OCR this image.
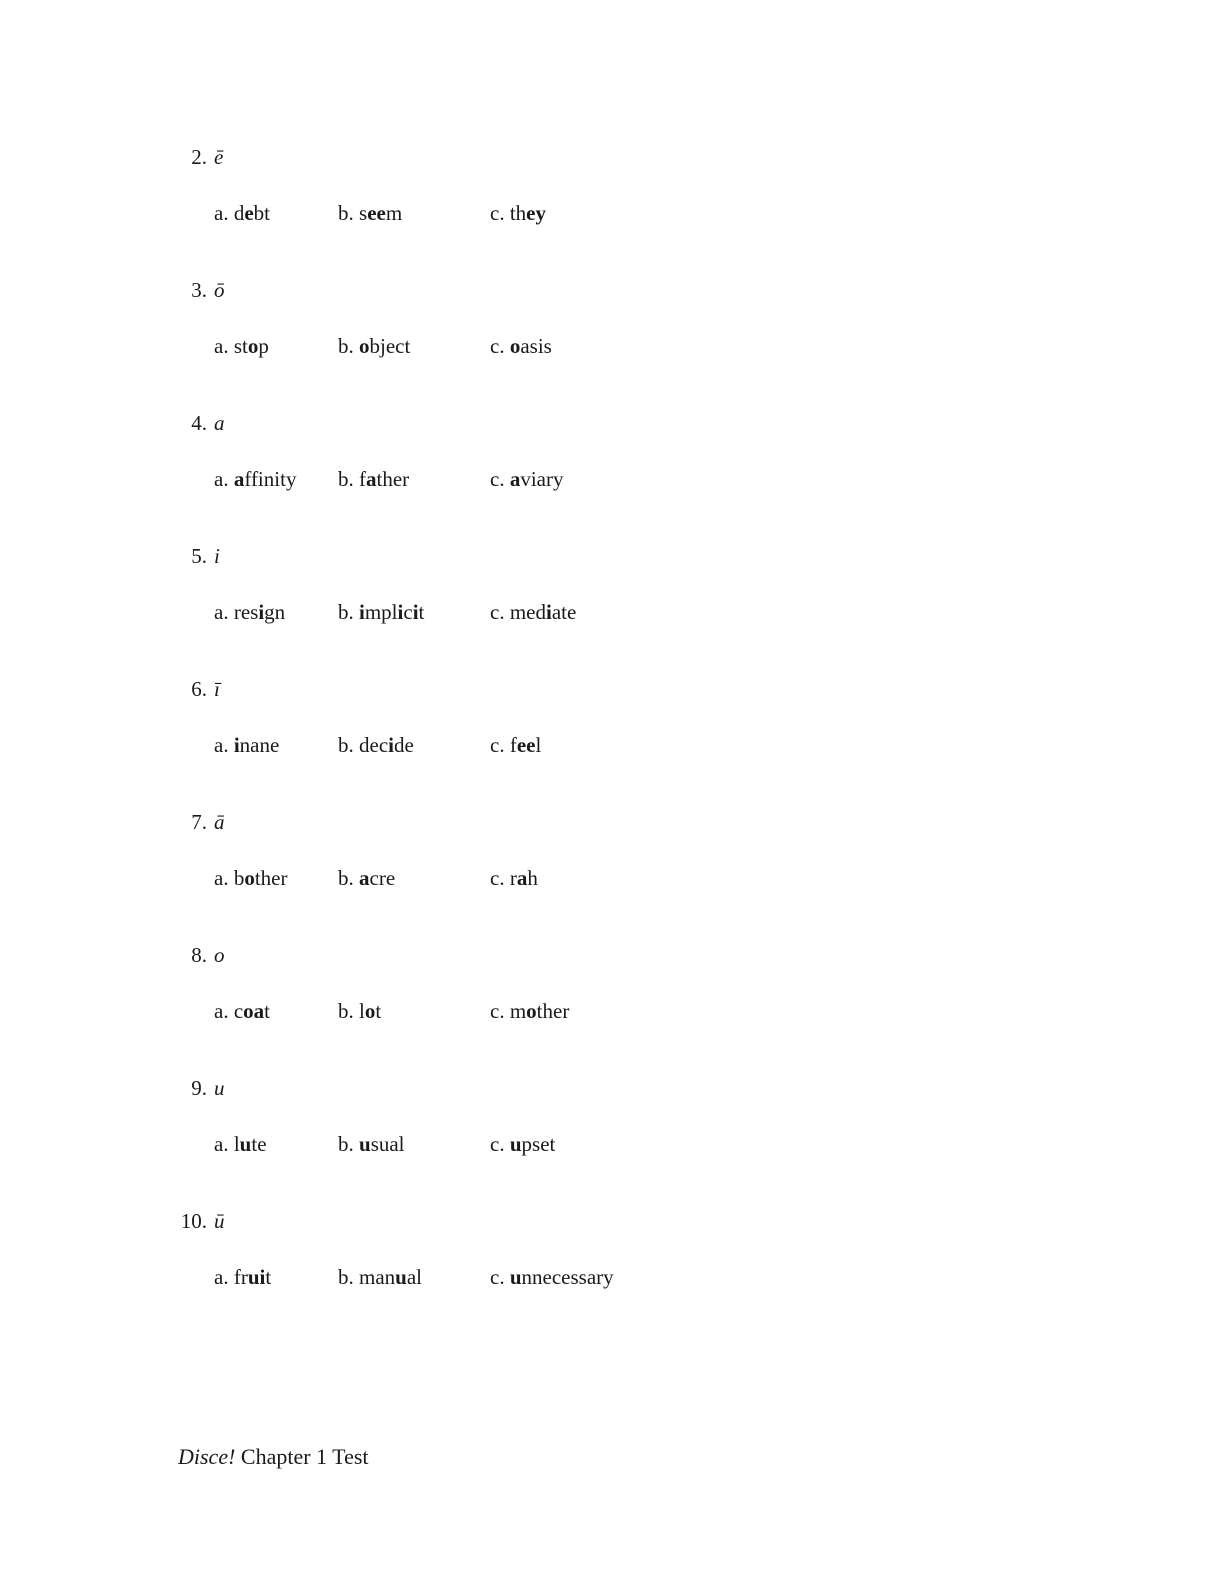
2. ē
a. debt	b. seem	c. they
3. ō
a. stop	b. object	c. oasis
4. a
a. affinity b. father	c. aviary
5. i
a. resign	b. implicit	c. mediate
6. ī
a. inane	b. decide	c. feel
7. ā
a. bother b. acre	c. rah
8. o
a. coat	b. lot	c. mother
9. u
a. lute	b. usual	c. upset
10. ū
a. fruit	b. manual	c. unnecessary
Disce! Chapter 1 Test
